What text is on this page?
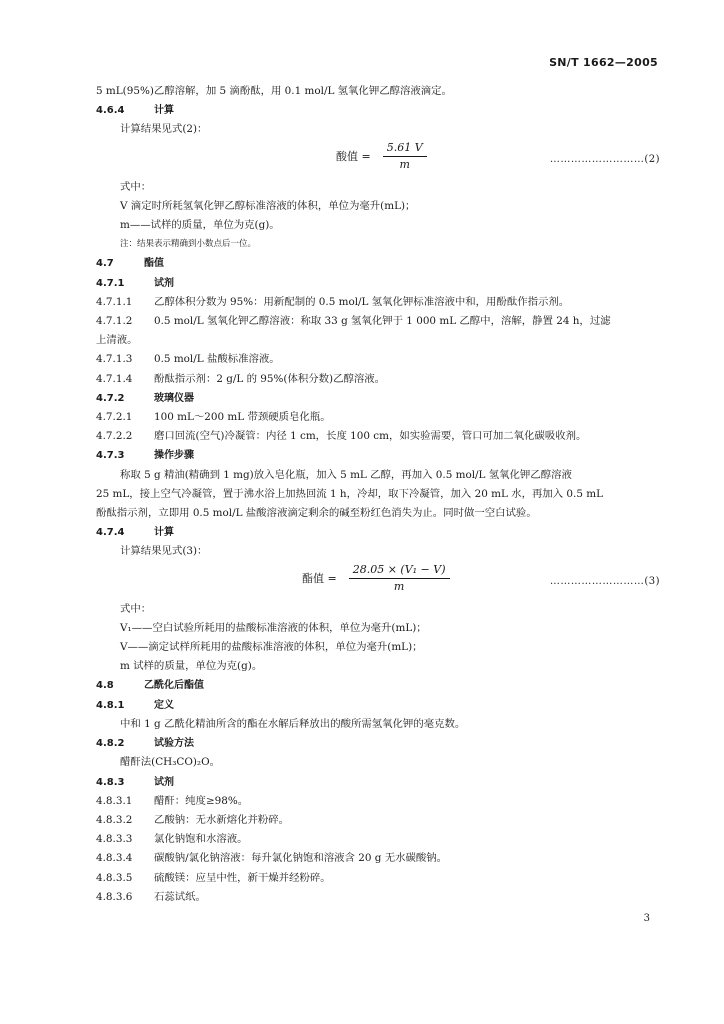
SN/T 1662—2005
5 mL(95%)乙醇溶解，加 5 滴酚酞，用 0.1 mol/L 氢氧化钾乙醇溶液滴定。
4.6.4	计算
计算结果见式(2)：
酸值 = $\frac{5.61 V}{m}$	………………………(2)
式中：
V 滴定时所耗氢氧化钾乙醇标准溶液的体积，单位为毫升(mL)；
m——试样的质量，单位为克(g)。
注：结果表示精确到小数点后一位。
4.7	酯值
4.7.1	试剂
4.7.1.1 乙醇体积分数为 95%：用新配制的 0.5 mol/L 氢氧化钾标准溶液中和，用酚酞作指示剂。
4.7.1.2 0.5 mol/L 氢氧化钾乙醇溶液：称取 33 g 氢氧化钾于 1 000 mL 乙醇中，溶解，静置 24 h，过滤
上清液。
4.7.1.3 0.5 mol/L 盐酸标准溶液。
4.7.1.4 酚酞指示剂：2 g/L 的 95%(体积分数)乙醇溶液。
4.7.2	玻璃仪器
4.7.2.1 100 mL～200 mL 带颈硬质皂化瓶。
4.7.2.2 磨口回流(空气)冷凝管：内径 1 cm，长度 100 cm，如实验需要，管口可加二氧化碳吸收剂。
4.7.3	操作步骤
称取 5 g 精油(精确到 1 mg)放入皂化瓶，加入 5 mL 乙醇，再加入 0.5 mol/L 氢氧化钾乙醇溶液
25 mL，接上空气冷凝管，置于沸水浴上加热回流 1 h，冷却，取下冷凝管，加入 20 mL 水，再加入 0.5 mL
酚酞指示剂，立即用 0.5 mol/L 盐酸溶液滴定剩余的碱至粉红色消失为止。同时做一空白试验。
4.7.4	计算
计算结果见式(3)：
酯值 = $\frac{\text{28.05 × (V₁ − V)}}{m}$	………………………(3)
式中：
V₁——空白试验所耗用的盐酸标准溶液的体积，单位为毫升(mL)；
V——滴定试样所耗用的盐酸标准溶液的体积，单位为毫升(mL)；
m 试样的质量，单位为克(g)。
4.8	乙酰化后酯值
4.8.1	定义
中和 1 g 乙酰化精油所含的酯在水解后释放出的酸所需氢氧化钾的毫克数。
4.8.2	试验方法
醋酐法(CH₃CO)₂O。
4.8.3	试剂
4.8.3.1 醋酐：纯度≥98%。
4.8.3.2 乙酸钠：无水新熔化并粉碎。
4.8.3.3 氯化钠饱和水溶液。
4.8.3.4 碳酸钠/氯化钠溶液：每升氯化钠饱和溶液含 20 g 无水碳酸钠。
4.8.3.5 硫酸镁：应呈中性，新干燥并经粉碎。
4.8.3.6 石蕊试纸。
3
